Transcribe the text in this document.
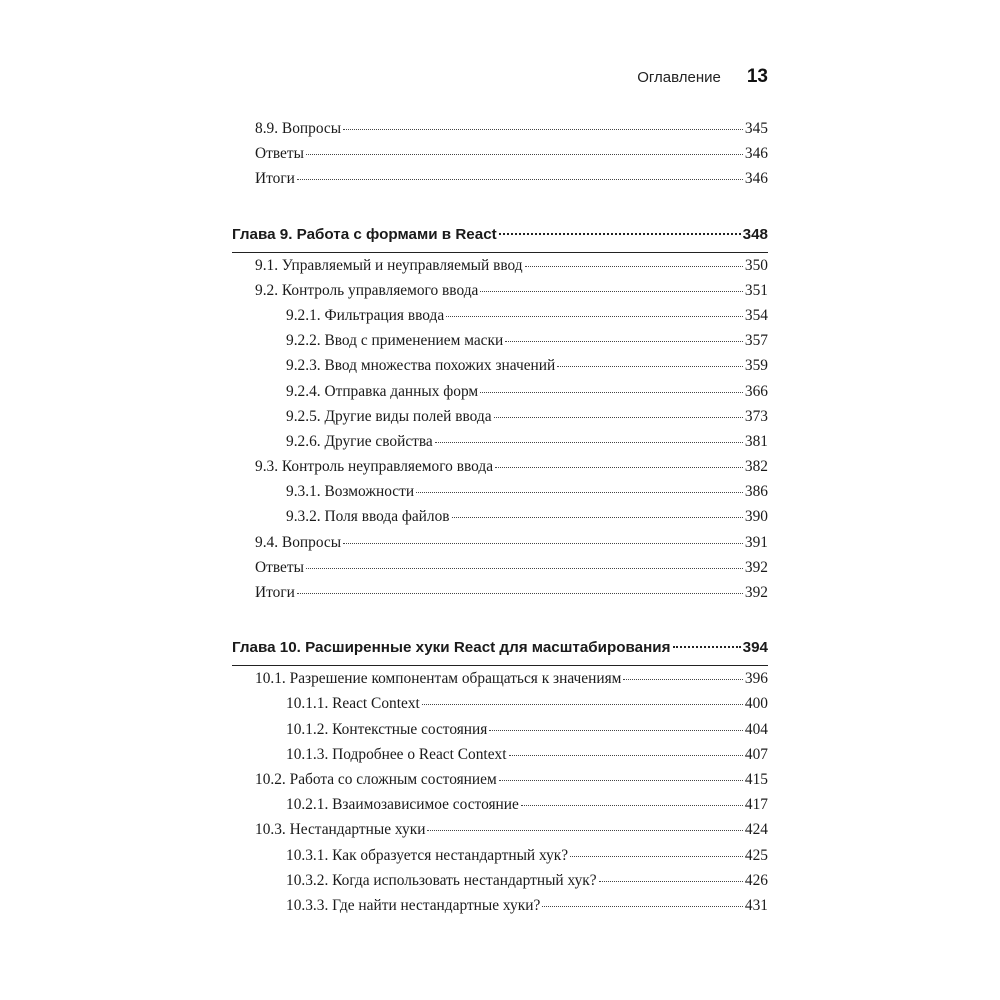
Оглавление 13
8.9. Вопросы	345
Ответы	346
Итоги	346
Глава 9. Работа с формами в React	348
9.1. Управляемый и неуправляемый ввод	350
9.2. Контроль управляемого ввода	351
9.2.1. Фильтрация ввода	354
9.2.2. Ввод с применением маски	357
9.2.3. Ввод множества похожих значений	359
9.2.4. Отправка данных форм	366
9.2.5. Другие виды полей ввода	373
9.2.6. Другие свойства	381
9.3. Контроль неуправляемого ввода	382
9.3.1. Возможности	386
9.3.2. Поля ввода файлов	390
9.4. Вопросы	391
Ответы	392
Итоги	392
Глава 10. Расширенные хуки React для масштабирования	394
10.1. Разрешение компонентам обращаться к значениям	396
10.1.1. React Context	400
10.1.2. Контекстные состояния	404
10.1.3. Подробнее о React Context	407
10.2. Работа со сложным состоянием	415
10.2.1. Взаимозависимое состояние	417
10.3. Нестандартные хуки	424
10.3.1. Как образуется нестандартный хук?	425
10.3.2. Когда использовать нестандартный хук?	426
10.3.3. Где найти нестандартные хуки?	431
